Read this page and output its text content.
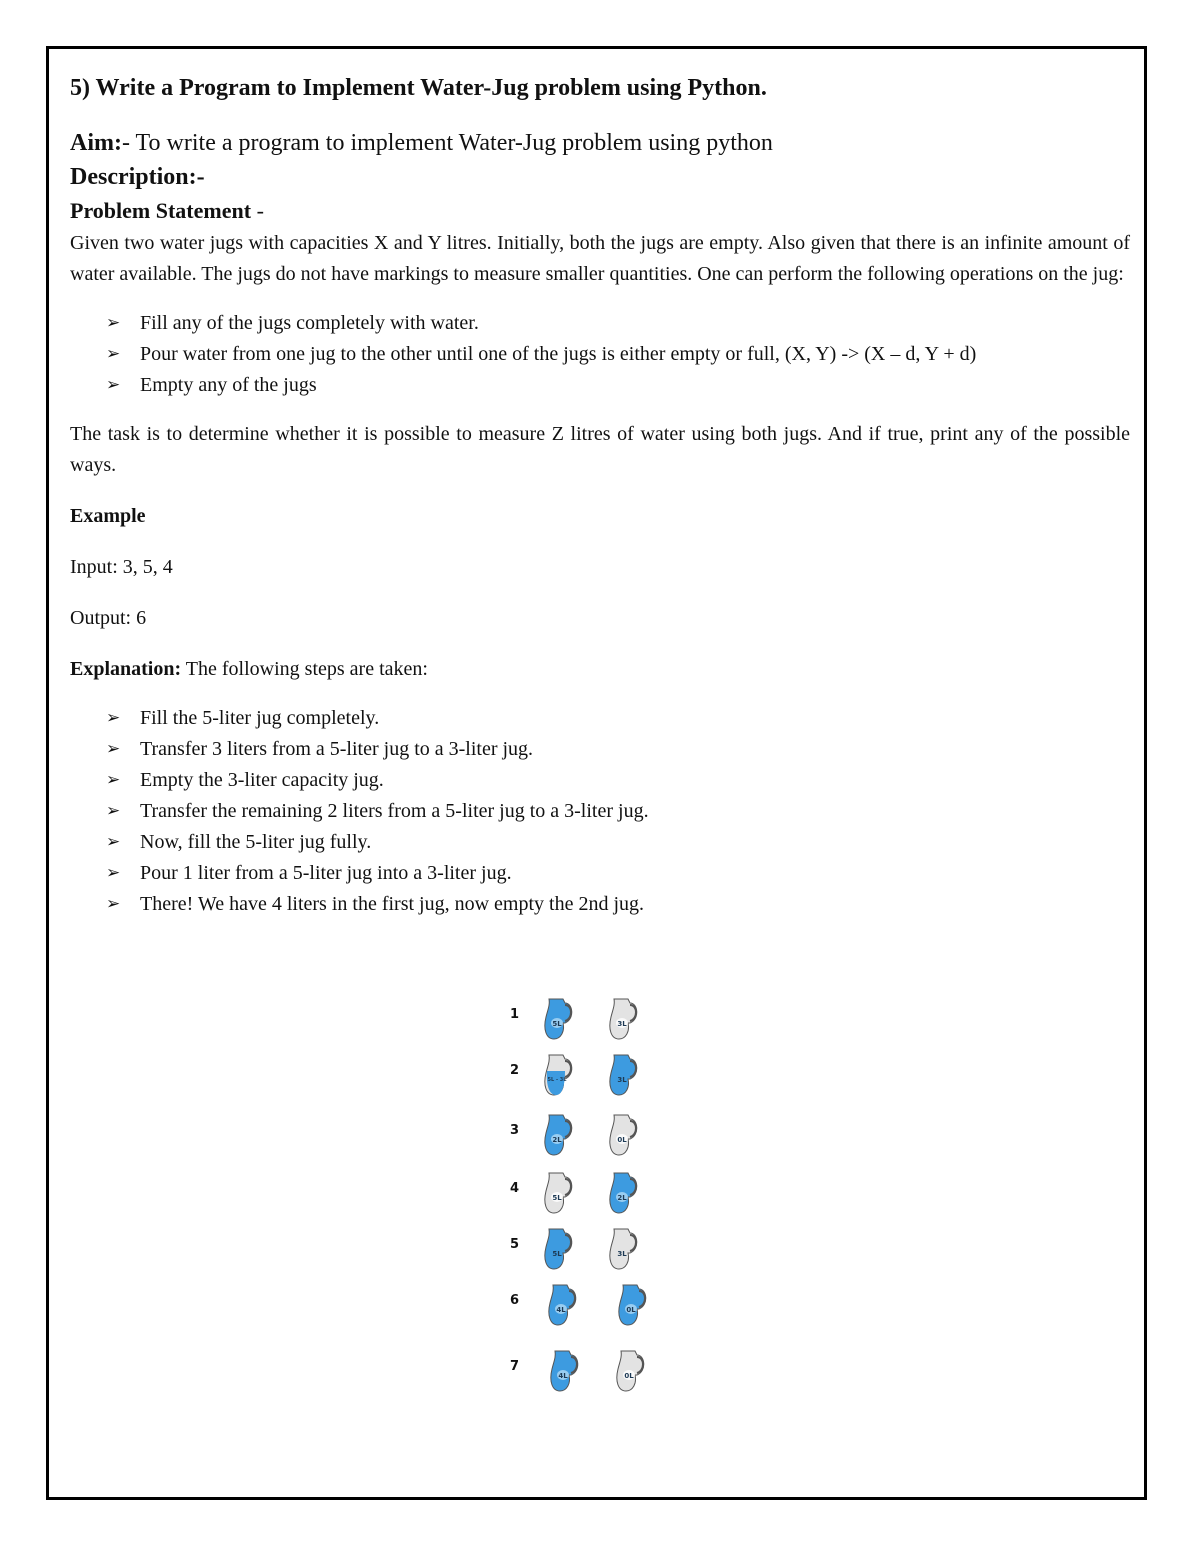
5) Write a Program to Implement Water-Jug problem using Python.
Aim:- To write a program to implement Water-Jug problem using python
Description:-
Problem Statement -

Given two water jugs with capacities X and Y litres. Initially, both the jugs are empty. Also given that there is an infinite amount of water available. The jugs do not have markings to measure smaller quantities. One can perform the following operations on the jug:

➢ Fill any of the jugs completely with water.
➢ Pour water from one jug to the other until one of the jugs is either empty or full, (X, Y) -> (X – d, Y + d)
➢ Empty any of the jugs

The task is to determine whether it is possible to measure Z litres of water using both jugs. And if true, print any of the possible ways.

Example

Input: 3, 5, 4

Output: 6

Explanation: The following steps are taken:

➢ Fill the 5-liter jug completely.
➢ Transfer 3 liters from a 5-liter jug to a 3-liter jug.
➢ Empty the 3-liter capacity jug.
➢ Transfer the remaining 2 liters from a 5-liter jug to a 3-liter jug.
➢ Now, fill the 5-liter jug fully.
➢ Pour 1 liter from a 5-liter jug into a 3-liter jug.
➢ There! We have 4 liters in the first jug, now empty the 2nd jug.
1
5L	3L
2
5L - 3L	3L
3
2L	0L
4
5L	2L
5
5L	3L
6
4L	0L
7
4L	0L
